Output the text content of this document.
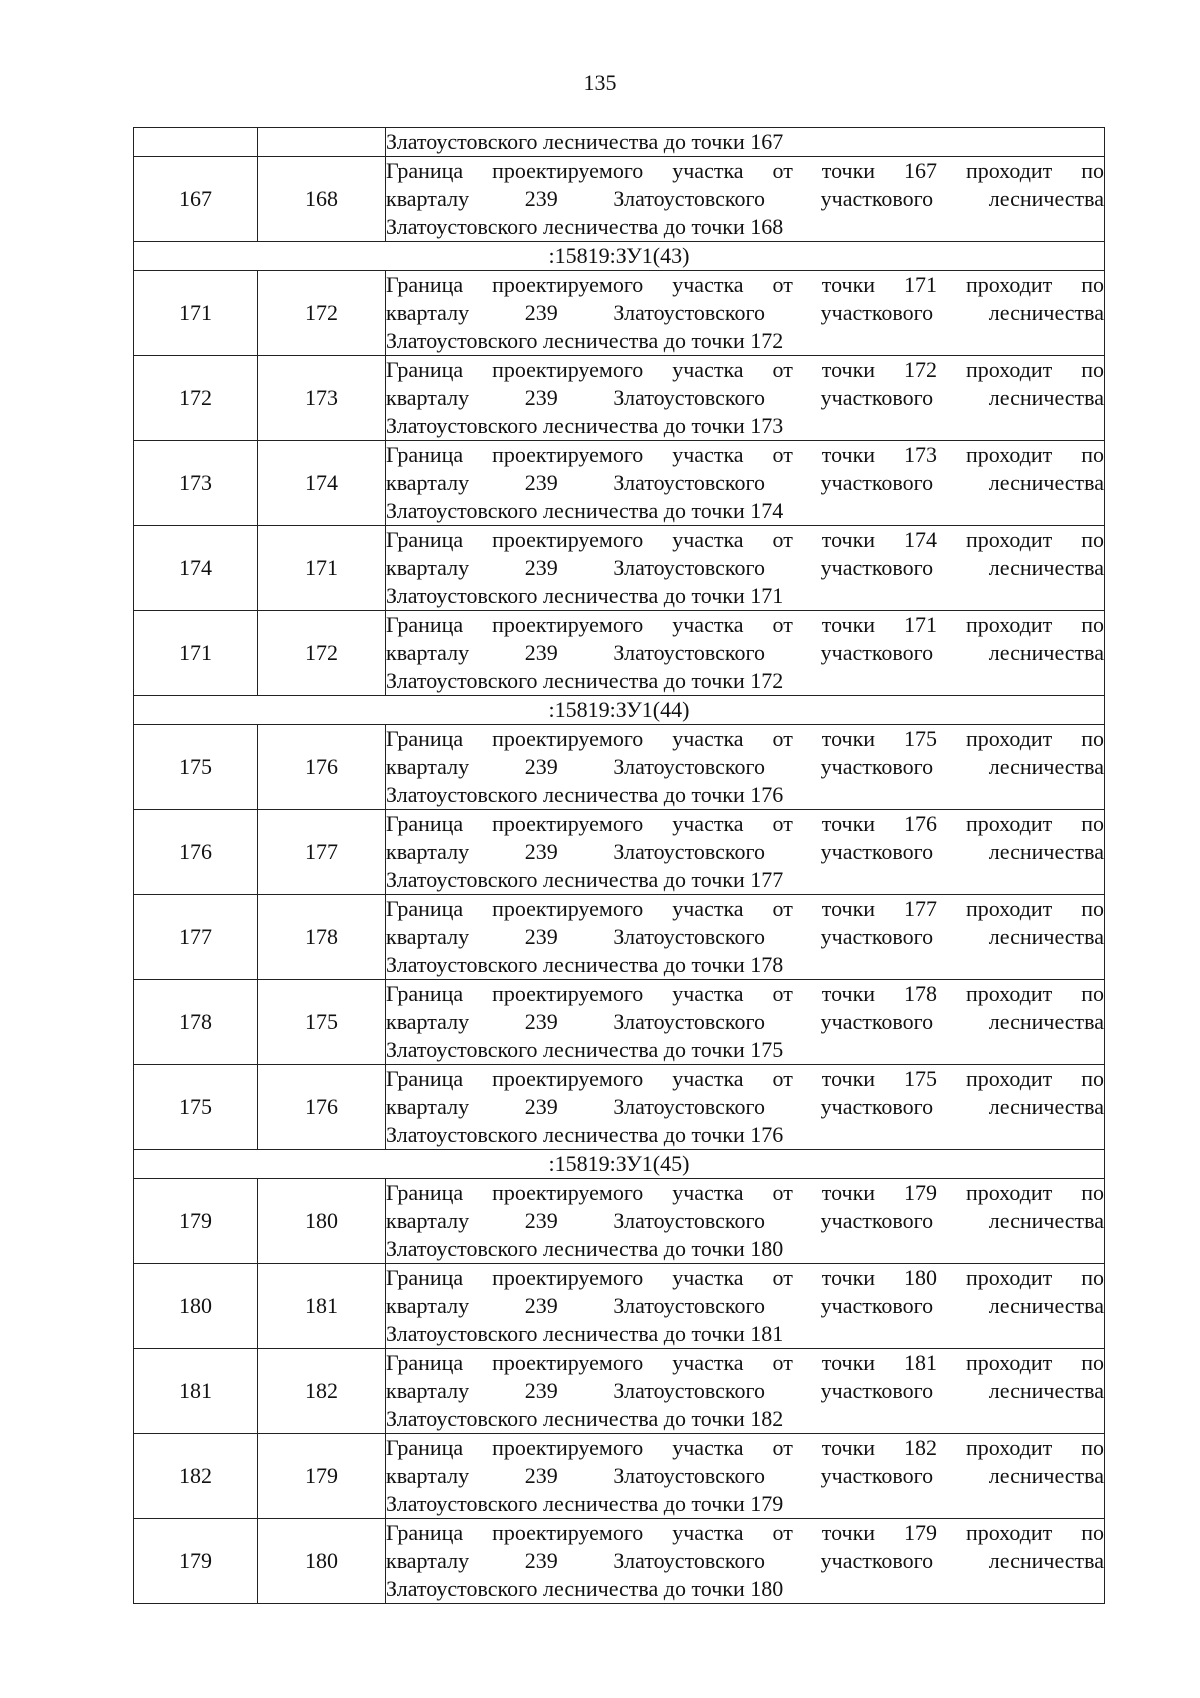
135
		Златоустовского лесничества до точки 167
167	168	Граница проектируемого участка от точки 167 проходит по
кварталу 239 Златоустовского участкового лесничества
Златоустовского лесничества до точки 168

:15819:ЗУ1(43)		
171	172	Граница проектируемого участка от точки 171 проходит по
кварталу 239 Златоустовского участкового лесничества
Златоустовского лесничества до точки 172

172	173	Граница проектируемого участка от точки 172 проходит по
кварталу 239 Златоустовского участкового лесничества
Златоустовского лесничества до точки 173

173	174	Граница проектируемого участка от точки 173 проходит по
кварталу 239 Златоустовского участкового лесничества
Златоустовского лесничества до точки 174

174	171	Граница проектируемого участка от точки 174 проходит по
кварталу 239 Златоустовского участкового лесничества
Златоустовского лесничества до точки 171

171	172	Граница проектируемого участка от точки 171 проходит по
кварталу 239 Златоустовского участкового лесничества
Златоустовского лесничества до точки 172

:15819:ЗУ1(44)		
175	176	Граница проектируемого участка от точки 175 проходит по
кварталу 239 Златоустовского участкового лесничества
Златоустовского лесничества до точки 176

176	177	Граница проектируемого участка от точки 176 проходит по
кварталу 239 Златоустовского участкового лесничества
Златоустовского лесничества до точки 177

177	178	Граница проектируемого участка от точки 177 проходит по
кварталу 239 Златоустовского участкового лесничества
Златоустовского лесничества до точки 178

178	175	Граница проектируемого участка от точки 178 проходит по
кварталу 239 Златоустовского участкового лесничества
Златоустовского лесничества до точки 175

175	176	Граница проектируемого участка от точки 175 проходит по
кварталу 239 Златоустовского участкового лесничества
Златоустовского лесничества до точки 176

:15819:ЗУ1(45)		
179	180	Граница проектируемого участка от точки 179 проходит по
кварталу 239 Златоустовского участкового лесничества
Златоустовского лесничества до точки 180

180	181	Граница проектируемого участка от точки 180 проходит по
кварталу 239 Златоустовского участкового лесничества
Златоустовского лесничества до точки 181

181	182	Граница проектируемого участка от точки 181 проходит по
кварталу 239 Златоустовского участкового лесничества
Златоустовского лесничества до точки 182

182	179	Граница проектируемого участка от точки 182 проходит по
кварталу 239 Златоустовского участкового лесничества
Златоустовского лесничества до точки 179

179	180	Граница проектируемого участка от точки 179 проходит по
кварталу 239 Златоустовского участкового лесничества
Златоустовского лесничества до точки 180
